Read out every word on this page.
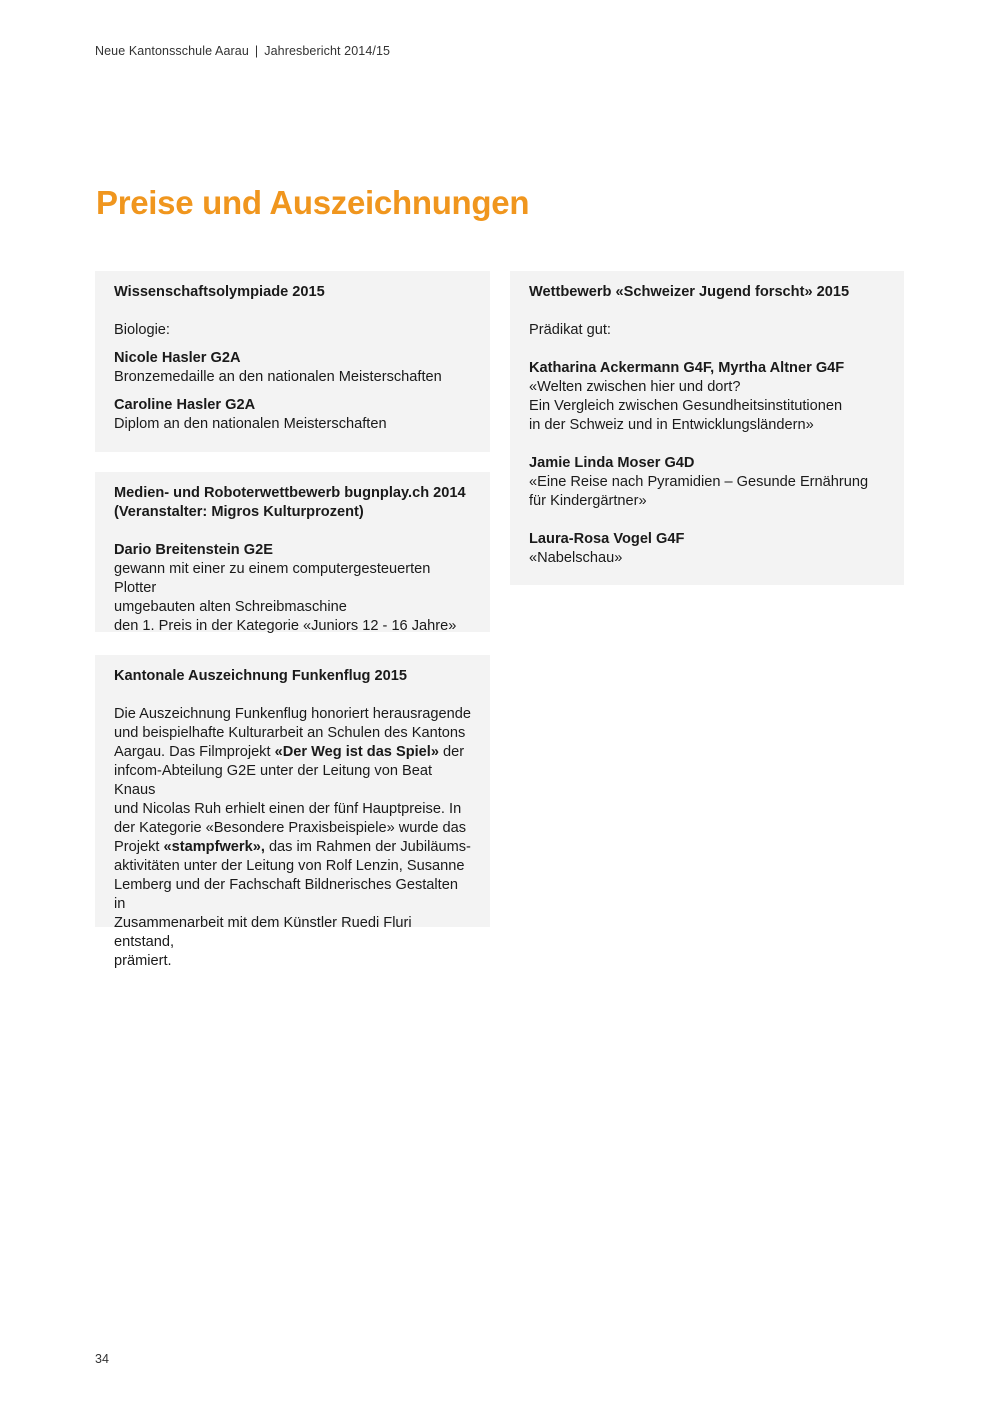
Neue Kantonsschule Aarau | Jahresbericht 2014/15
Preise und Auszeichnungen

Wissenschaftsolympiade 2015

Biologie:

Nicole Hasler G2A

Bronzemedaille an den nationalen Meisterschaften

Caroline Hasler G2A

Diplom an den nationalen Meisterschaften

Medien- und Roboterwettbewerb bugnplay.ch 2014

(Veranstalter: Migros Kulturprozent)

Dario Breitenstein G2E

gewann mit einer zu einem computergesteuerten Plotter

umgebauten alten Schreibmaschine

den 1. Preis in der Kategorie «Juniors 12 - 16 Jahre»

Kantonale Auszeichnung Funkenflug 2015

Die Auszeichnung Funkenflug honoriert herausragende

und beispielhafte Kulturarbeit an Schulen des Kantons

Aargau. Das Filmprojekt «Der Weg ist das Spiel» der

infcom-Abteilung G2E unter der Leitung von Beat Knaus

und Nicolas Ruh erhielt einen der fünf Hauptpreise. In

der Kategorie «Besondere Praxisbeispiele» wurde das

Projekt «stampfwerk», das im Rahmen der Jubiläums-

aktivitäten unter der Leitung von Rolf Lenzin, Susanne

Lemberg und der Fachschaft Bildnerisches Gestalten in

Zusammenarbeit mit dem Künstler Ruedi Fluri entstand,

prämiert.

Wettbewerb «Schweizer Jugend forscht» 2015

Prädikat gut:

Katharina Ackermann G4F, Myrtha Altner G4F

«Welten zwischen hier und dort?

Ein Vergleich zwischen Gesundheitsinstitutionen

in der Schweiz und in Entwicklungsländern»

Jamie Linda Moser G4D

«Eine Reise nach Pyramidien – Gesunde Ernährung

für Kindergärtner»

Laura-Rosa Vogel G4F

«Nabelschau»

34
